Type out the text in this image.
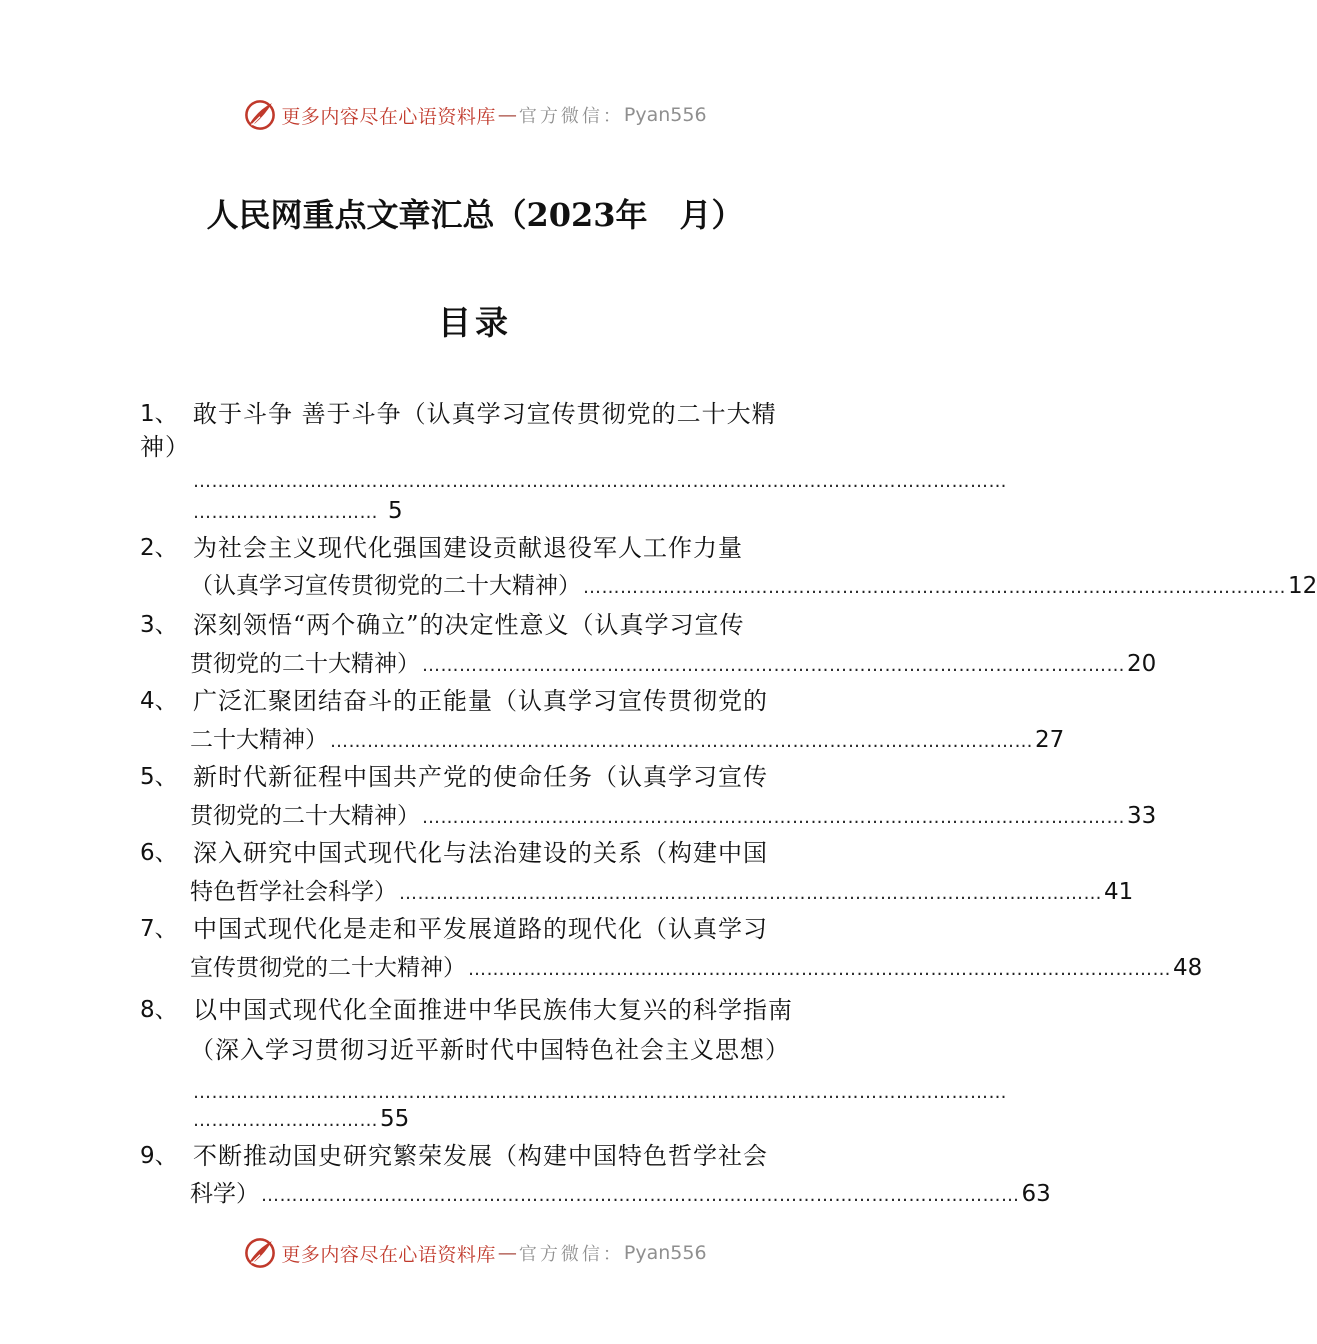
更多内容尽在心语资料库 — 官方微信： Pyan556
人民网重点文章汇总（2023年　月）
目录
1、 敢于斗争 善于斗争（认真学习宣传贯彻党的二十大精
神）
……………………………………………………………………………………………………………………
………………………… 5
2、 为社会主义现代化强国建设贡献退役军人工作力量
（认真学习宣传贯彻党的二十大精神） …………………………………………………………………………………………………… 12
3、 深刻领悟“两个确立”的决定性意义（认真学习宣传
贯彻党的二十大精神） …………………………………………………………………………………………………… 20
4、 广泛汇聚团结奋斗的正能量（认真学习宣传贯彻党的
二十大精神） …………………………………………………………………………………………………… 27
5、 新时代新征程中国共产党的使命任务（认真学习宣传
贯彻党的二十大精神） …………………………………………………………………………………………………… 33
6、 深入研究中国式现代化与法治建设的关系（构建中国
特色哲学社会科学） …………………………………………………………………………………………………… 41
7、 中国式现代化是走和平发展道路的现代化（认真学习
宣传贯彻党的二十大精神） …………………………………………………………………………………………………… 48
8、 以中国式现代化全面推进中华民族伟大复兴的科学指南
（深入学习贯彻习近平新时代中国特色社会主义思想）
……………………………………………………………………………………………………………………
………………………… 55
9、 不断推动国史研究繁荣发展（构建中国特色哲学社会
科学） …………………………………………………………………………………………………………… 63
更多内容尽在心语资料库 — 官方微信： Pyan556
